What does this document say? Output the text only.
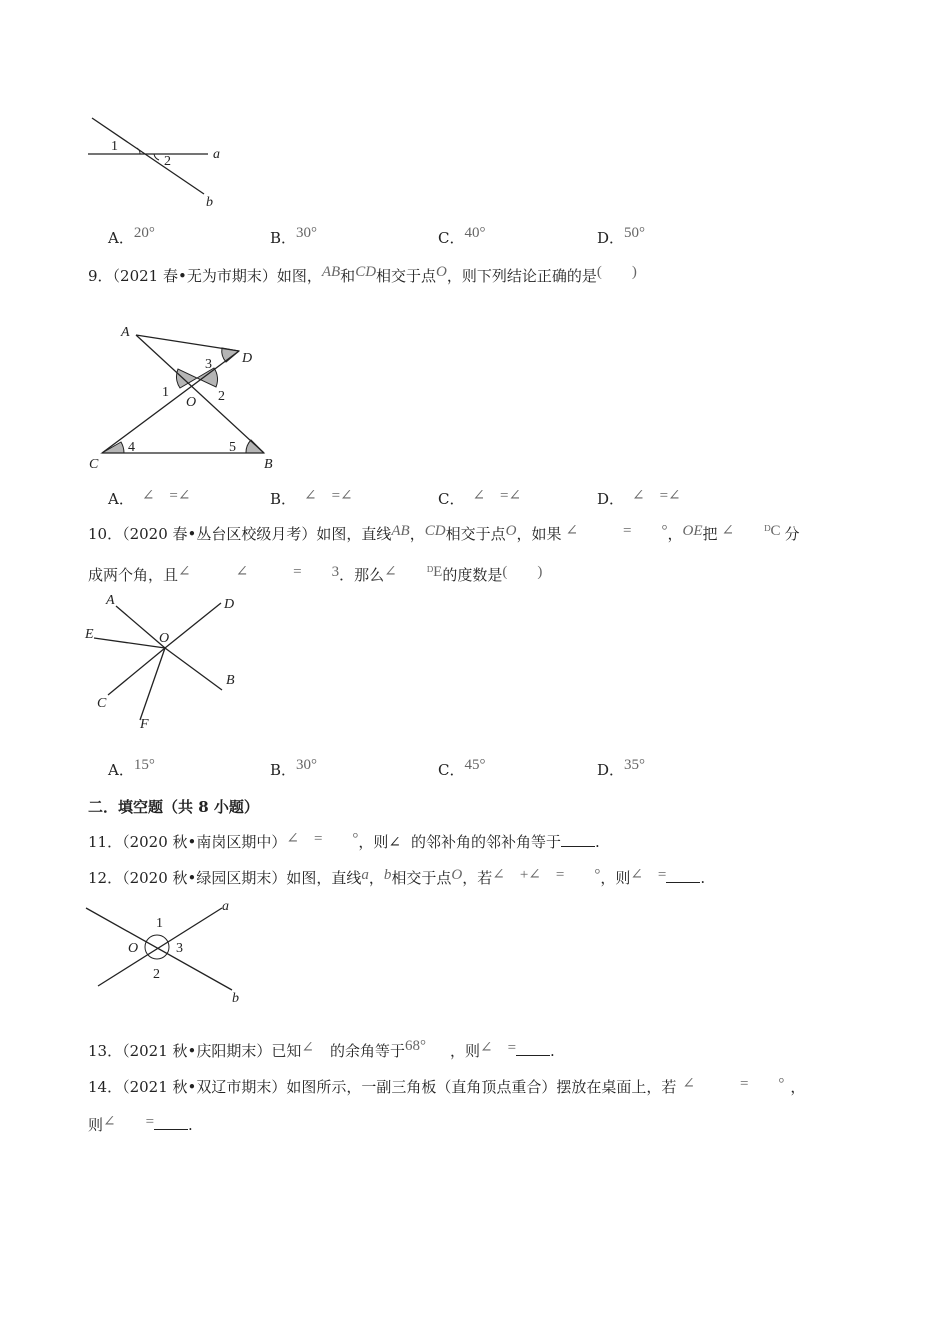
1
2	a
b
A．20°	B．30°	C．40°	D．50°
9．（2021 春•无为市期末）如图，AB和CD相交于点O，则下列结论正确的是(　　)
A
D
C	B
O
1	2
3
4	5
A． ∠　=∠	B． ∠　=∠	C． ∠　=∠	D． ∠　=∠
10．（2020 春•丛台区校级月考）如图，直线AB，CD相交于点O，如果 ∠　　　=　　°，OE把 ∠　　ᴰC 分
成两个角，且∠　　　∠　　　=　　3．那么∠　　ᴰE的度数是(　　)
A	D
E	O
B
C
F
A．15°	B．30°	C．45°	D．35°
二．填空题（共 8 小题）
11．（2020 秋•南岗区期中）∠　=　　°，则∠ 的邻补角的邻补角等于 .
12．（2020 秋•绿园区期末）如图，直线a，b相交于点O，若∠　+∠　=　　°，则∠　= .
a
b
O
1
2
3
13．（2021 秋•庆阳期末）已知∠ 的余角等于68° ，则∠　= .
14．（2021 秋•双辽市期末）如图所示，一副三角板（直角顶点重合）摆放在桌面上，若 ∠　　　=　　° ，
则∠　　= .
